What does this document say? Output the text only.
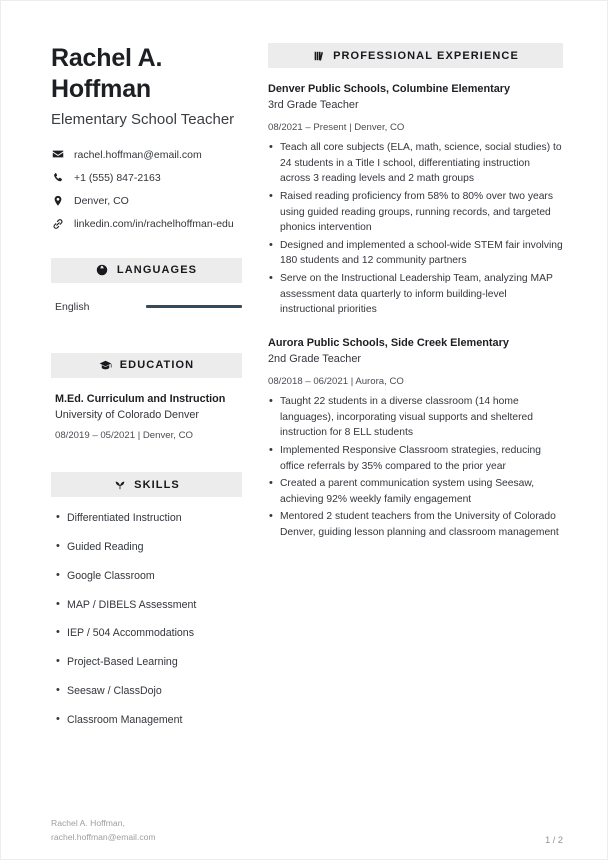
Rachel A. Hoffman
Elementary School Teacher
rachel.hoffman@email.com
+1 (555) 847-2163
Denver, CO
linkedin.com/in/rachelhoffman-edu
LANGUAGES
English
EDUCATION
M.Ed. Curriculum and Instruction
University of Colorado Denver
08/2019 – 05/2021 | Denver, CO
SKILLS
• Differentiated Instruction
• Guided Reading
• Google Classroom
• MAP / DIBELS Assessment
• IEP / 504 Accommodations
• Project-Based Learning
• Seesaw / ClassDojo
• Classroom Management
PROFESSIONAL EXPERIENCE
Denver Public Schools, Columbine Elementary
3rd Grade Teacher
08/2021 – Present | Denver, CO
• Teach all core subjects (ELA, math, science, social studies) to 24 students in a Title I school, differentiating instruction across 3 reading levels and 2 math groups
• Raised reading proficiency from 58% to 80% over two years using guided reading groups, running records, and targeted phonics intervention
• Designed and implemented a school-wide STEM fair involving 180 students and 12 community partners
• Serve on the Instructional Leadership Team, analyzing MAP assessment data quarterly to inform building-level instructional priorities
Aurora Public Schools, Side Creek Elementary
2nd Grade Teacher
08/2018 – 06/2021 | Aurora, CO
• Taught 22 students in a diverse classroom (14 home languages), incorporating visual supports and sheltered instruction for 8 ELL students
• Implemented Responsive Classroom strategies, reducing office referrals by 35% compared to the prior year
• Created a parent communication system using Seesaw, achieving 92% weekly family engagement
• Mentored 2 student teachers from the University of Colorado Denver, guiding lesson planning and classroom management
Rachel A. Hoffman,
rachel.hoffman@email.com	1 / 2
